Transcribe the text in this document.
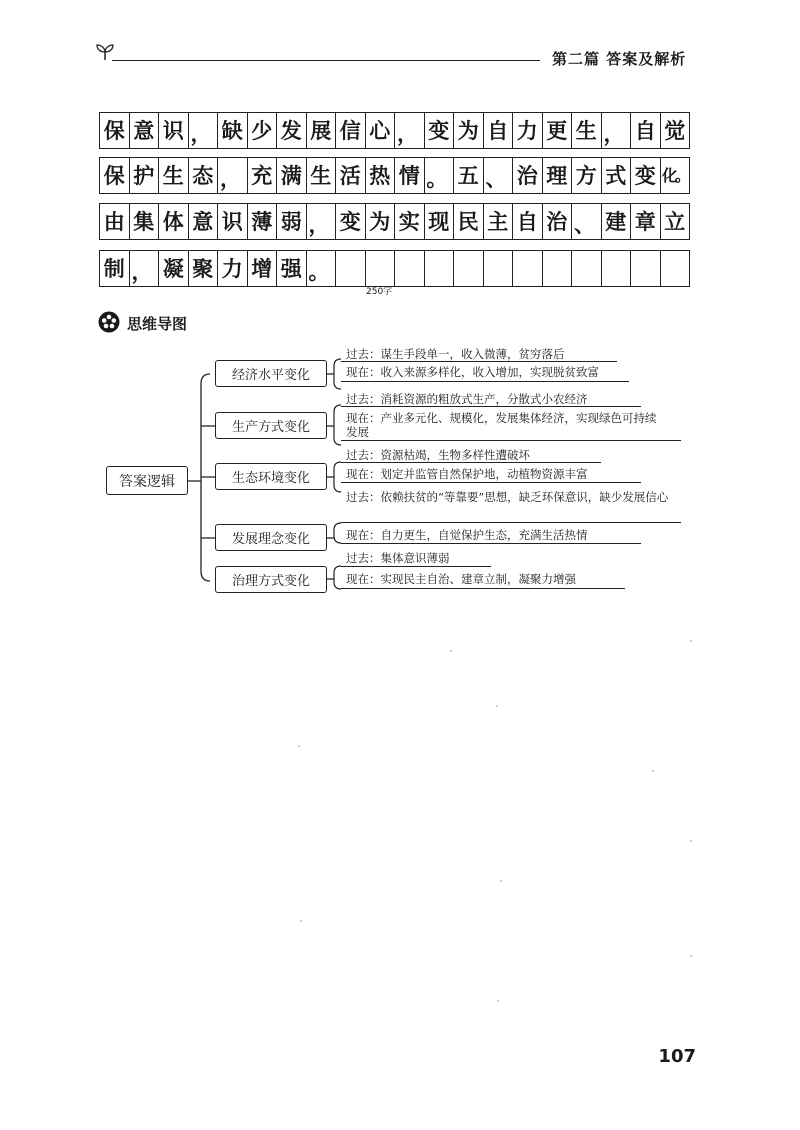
第二篇 答案及解析
保 意 识 ， 缺 少 发 展 信 心 ， 变 为 自 力 更 生 ， 自 觉
保 护 生 态 ， 充 满 生 活 热 情 。 五 、 治 理 方 式 变 化。
由 集 体 意 识 薄 弱 ， 变 为 实 现 民 主 自 治 、 建 章 立
制 ， 凝 聚 力 增 强 。
250字
思维导图
答案逻辑
经济水平变化
生产方式变化
生态环境变化
发展理念变化
治理方式变化
过去：谋生手段单一，收入微薄，贫穷落后
现在：收入来源多样化，收入增加，实现脱贫致富
过去：消耗资源的粗放式生产，分散式小农经济
现在：产业多元化、规模化，发展集体经济，实现绿色可持续发展
过去：资源枯竭，生物多样性遭破坏
现在：划定并监管自然保护地，动植物资源丰富
过去：依赖扶贫的“等靠要”思想，缺乏环保意识，缺少发展信心
现在：自力更生，自觉保护生态，充满生活热情
过去：集体意识薄弱
现在：实现民主自治、建章立制，凝聚力增强
107
